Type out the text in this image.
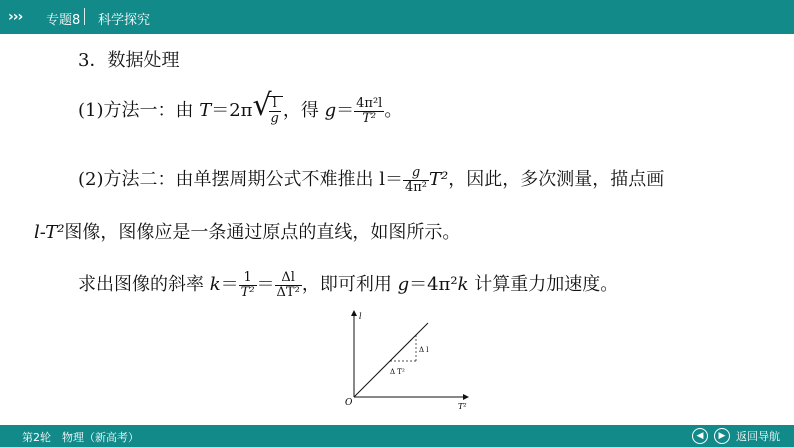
››› 专题8 科学探究
3．数据处理
(1)方法一：由 T＝2π √
$\frac{l}{g}$ ，得 $g= \frac{\text{4π²l}}{\text{T²}}$ 。
(2)方法二：由单摆周期公式不难推出 $l= \frac{g}{\text{4π²}} T^2$，因此，多次测量，描点画
l-T²图像，图像应是一条通过原点的直线，如图所示。
求出图像的斜率 $k= \frac{1}{\text{T²}} = \frac{\Delta l}{\text{ΔT²}}$ ，即可利用 g＝4π²k 计算重力加速度。
l
T²
O
Δ l
Δ T²
第2轮　物理（新高考）	◀	▶ 返回导航
